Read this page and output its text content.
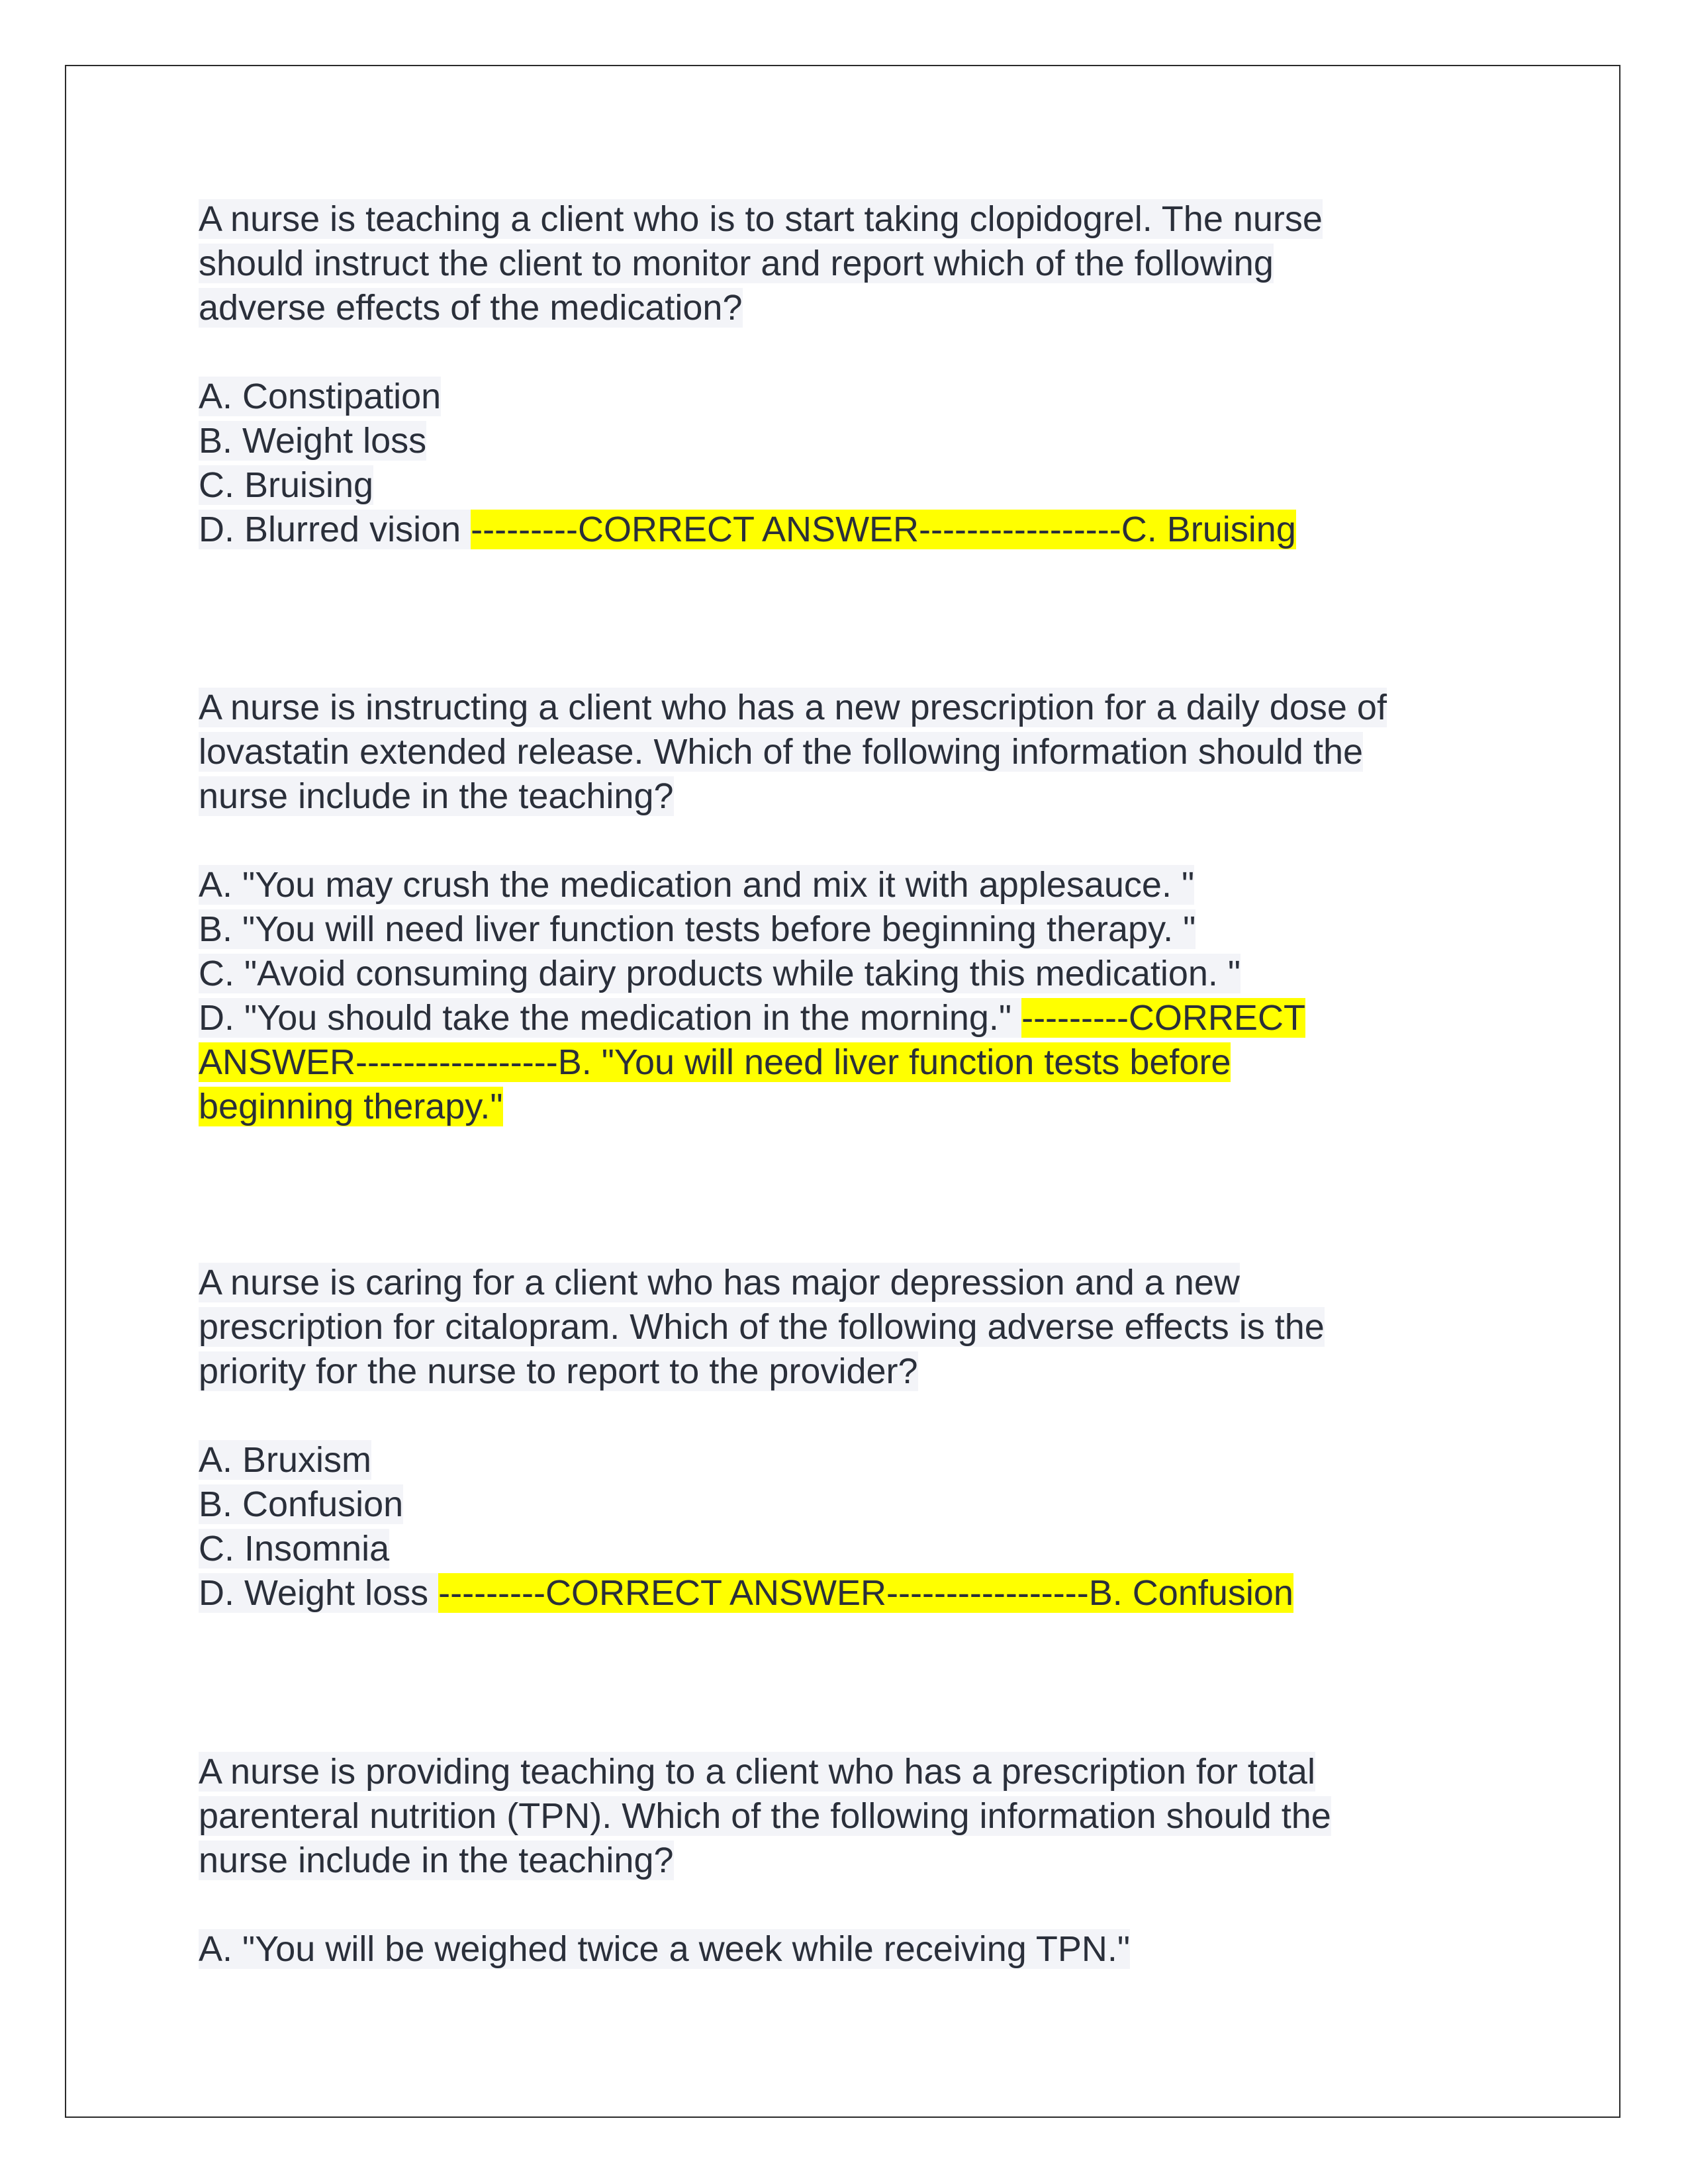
A nurse is teaching a client who is to start taking clopidogrel. The nurse
should instruct the client to monitor and report which of the following
adverse effects of the medication?
A. Constipation
B. Weight loss
C. Bruising
D. Blurred vision ---------CORRECT ANSWER-----------------C. Bruising
A nurse is instructing a client who has a new prescription for a daily dose of
lovastatin extended release. Which of the following information should the
nurse include in the teaching?
A. "You may crush the medication and mix it with applesauce. "
B. "You will need liver function tests before beginning therapy. "
C. "Avoid consuming dairy products while taking this medication. "
D. "You should take the medication in the morning." ---------CORRECT
ANSWER-----------------B. "You will need liver function tests before
beginning therapy."
A nurse is caring for a client who has major depression and a new
prescription for citalopram. Which of the following adverse effects is the
priority for the nurse to report to the provider?
A. Bruxism
B. Confusion
C. Insomnia
D. Weight loss ---------CORRECT ANSWER-----------------B. Confusion
A nurse is providing teaching to a client who has a prescription for total
parenteral nutrition (TPN). Which of the following information should the
nurse include in the teaching?
A. "You will be weighed twice a week while receiving TPN."
